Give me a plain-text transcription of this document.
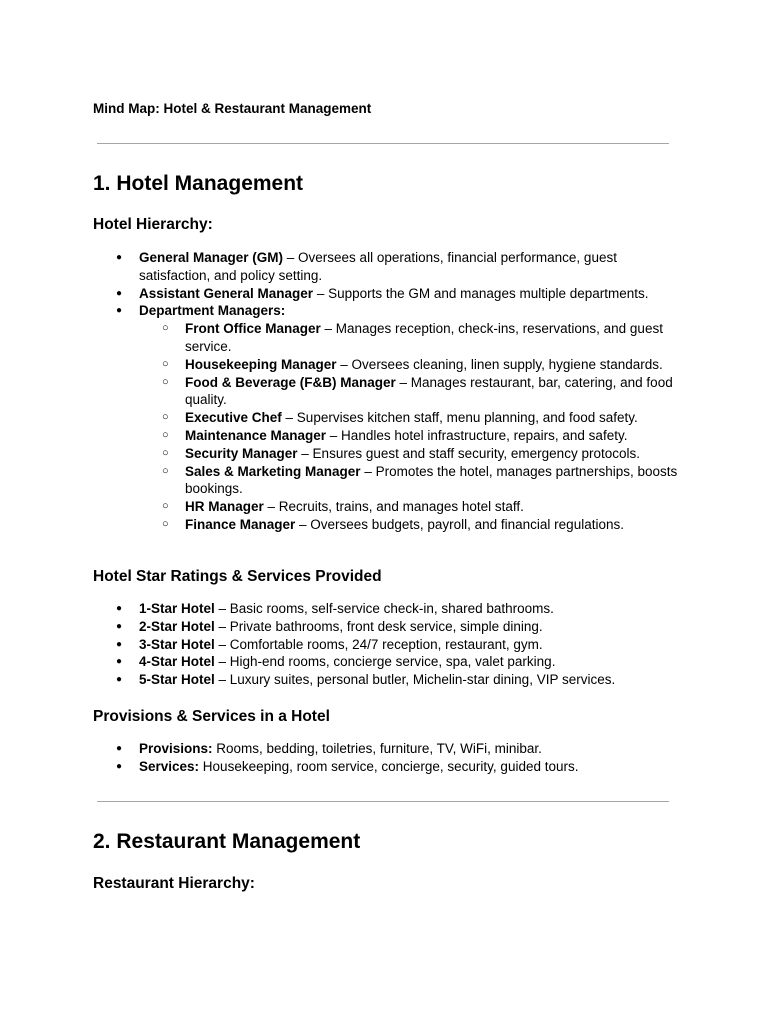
Mind Map: Hotel & Restaurant Management
1. Hotel Management
Hotel Hierarchy:
● General Manager (GM) – Oversees all operations, financial performance, guest satisfaction, and policy setting.
● Assistant General Manager – Supports the GM and manages multiple departments.
● Department Managers:
○ Front Office Manager – Manages reception, check-ins, reservations, and guest service.
○ Housekeeping Manager – Oversees cleaning, linen supply, hygiene standards.
○ Food & Beverage (F&B) Manager – Manages restaurant, bar, catering, and food quality.
○ Executive Chef – Supervises kitchen staff, menu planning, and food safety.
○ Maintenance Manager – Handles hotel infrastructure, repairs, and safety.
○ Security Manager – Ensures guest and staff security, emergency protocols.
○ Sales & Marketing Manager – Promotes the hotel, manages partnerships, boosts bookings.
○ HR Manager – Recruits, trains, and manages hotel staff.
○ Finance Manager – Oversees budgets, payroll, and financial regulations.
Hotel Star Ratings & Services Provided
● 1-Star Hotel – Basic rooms, self-service check-in, shared bathrooms.
● 2-Star Hotel – Private bathrooms, front desk service, simple dining.
● 3-Star Hotel – Comfortable rooms, 24/7 reception, restaurant, gym.
● 4-Star Hotel – High-end rooms, concierge service, spa, valet parking.
● 5-Star Hotel – Luxury suites, personal butler, Michelin-star dining, VIP services.
Provisions & Services in a Hotel
● Provisions: Rooms, bedding, toiletries, furniture, TV, WiFi, minibar.
● Services: Housekeeping, room service, concierge, security, guided tours.
2. Restaurant Management
Restaurant Hierarchy:
